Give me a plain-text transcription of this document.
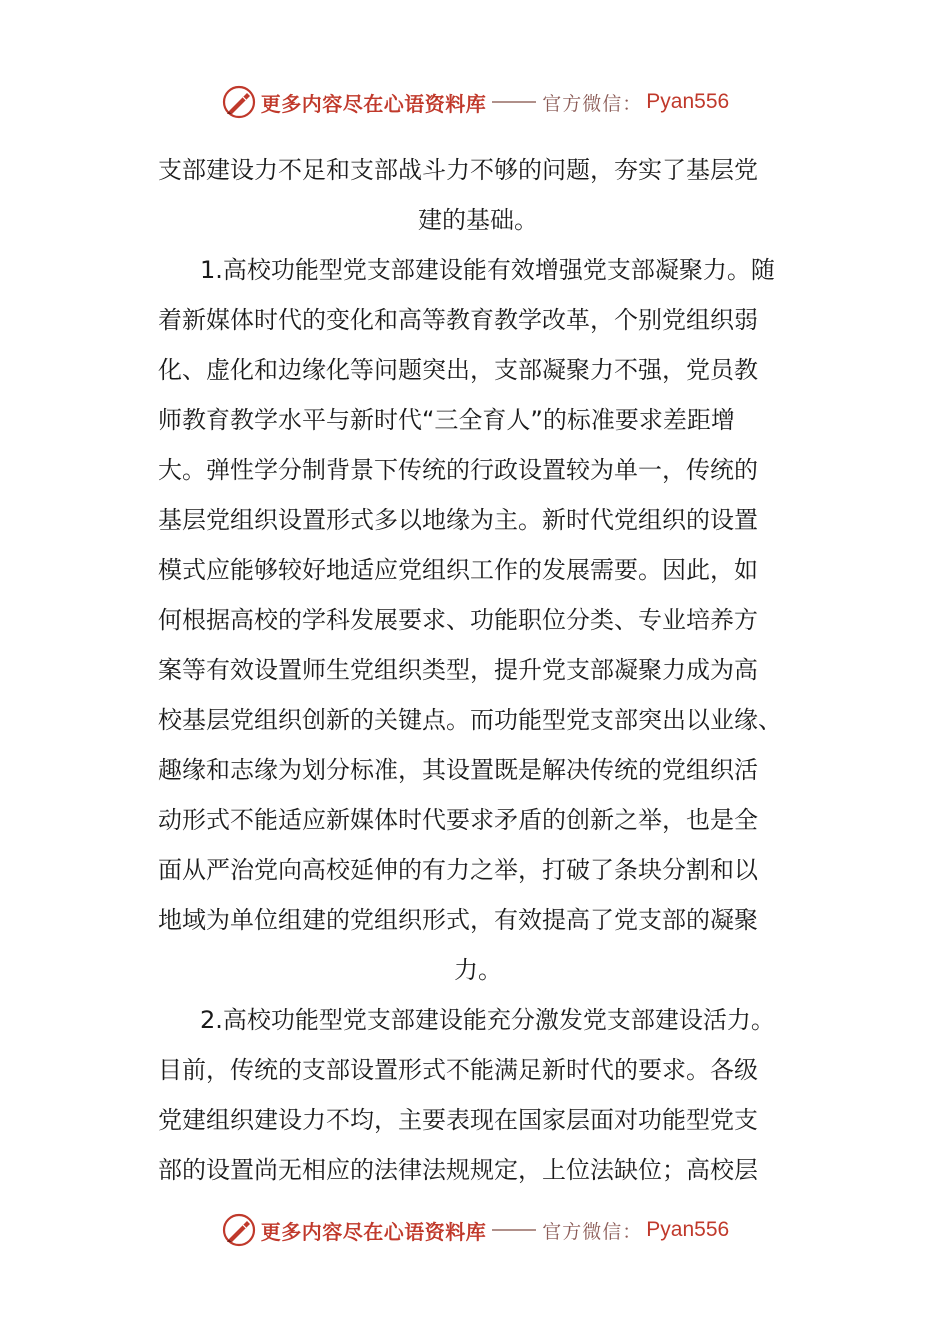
更多内容尽在心语资料库	官方微信： Pyan556
支部建设力不足和支部战斗力不够的问题，夯实了基层党
建的基础。
1.高校功能型党支部建设能有效增强党支部凝聚力。随
着新媒体时代的变化和高等教育教学改革，个别党组织弱
化、虚化和边缘化等问题突出，支部凝聚力不强，党员教
师教育教学水平与新时代“三全育人”的标准要求差距增
大。弹性学分制背景下传统的行政设置较为单一，传统的
基层党组织设置形式多以地缘为主。新时代党组织的设置
模式应能够较好地适应党组织工作的发展需要。因此，如
何根据高校的学科发展要求、功能职位分类、专业培养方
案等有效设置师生党组织类型，提升党支部凝聚力成为高
校基层党组织创新的关键点。而功能型党支部突出以业缘、
趣缘和志缘为划分标准，其设置既是解决传统的党组织活
动形式不能适应新媒体时代要求矛盾的创新之举，也是全
面从严治党向高校延伸的有力之举，打破了条块分割和以
地域为单位组建的党组织形式，有效提高了党支部的凝聚
力。
2.高校功能型党支部建设能充分激发党支部建设活力。
目前，传统的支部设置形式不能满足新时代的要求。各级
党建组织建设力不均，主要表现在国家层面对功能型党支
部的设置尚无相应的法律法规规定，上位法缺位；高校层
更多内容尽在心语资料库	官方微信： Pyan556
